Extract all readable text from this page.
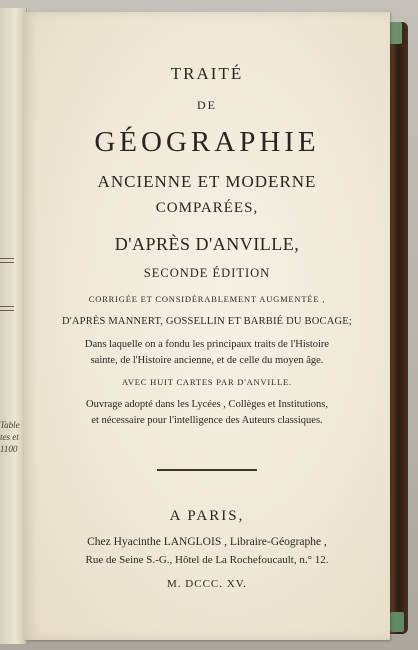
Table
tes et
1100

TRAITÉ

DE

GÉOGRAPHIE

ANCIENNE ET MODERNE

COMPARÉES,

D'APRÈS D'ANVILLE,

SECONDE ÉDITION

CORRIGÉE ET CONSIDÉRABLEMENT AUGMENTÉE ,

D'APRÈS MANNERT, GOSSELLIN ET BARBIÉ DU BOCAGE;

Dans laquelle on a fondu les principaux traits de l'Histoire

sainte, de l'Histoire ancienne, et de celle du moyen âge.

AVEC HUIT CARTES PAR D'ANVILLE.

Ouvrage adopté dans les Lycées , Collèges et Institutions,

et nécessaire pour l'intelligence des Auteurs classiques.

A PARIS,

Chez Hyacinthe LANGLOIS , Libraire-Géographe ,

Rue de Seine S.-G., Hôtel de La Rochefoucault, n.° 12.

M. DCCC. XV.
